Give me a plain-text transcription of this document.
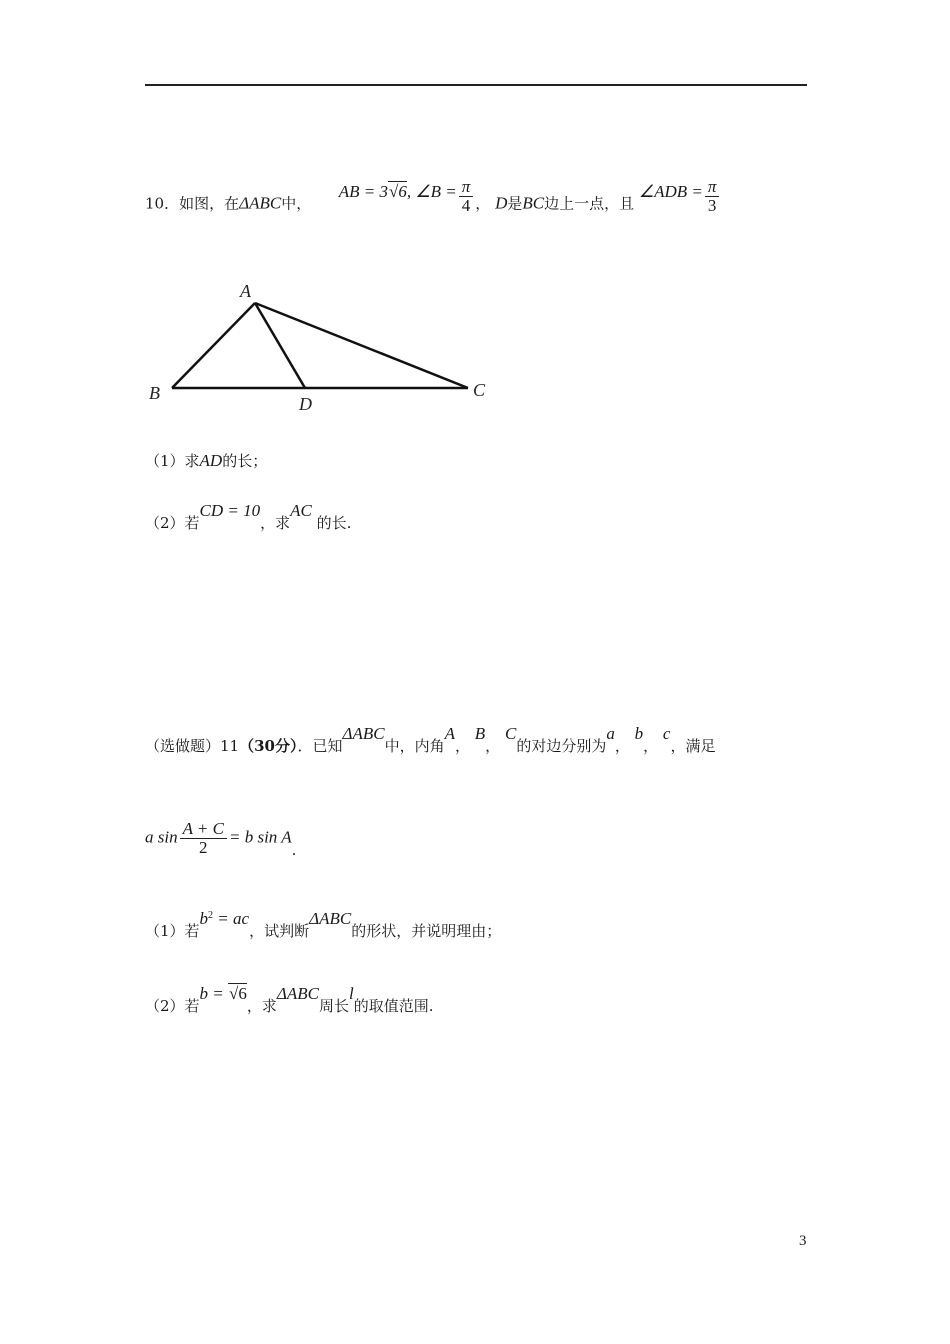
10．如图，在ΔABC中，  AB = 3√6, ∠B = $\frac{\pi}{4}$ ， D是BC边上一点，且 ∠ADB = $\frac{\pi}{3}$
A
B	C
D
（1）求AD的长；
（2）若CD = 10，求AC 的长.
（选做题）11（30分）．已知ΔABC中，内角A， B， C的对边分别为a， b， c，满足
a $\sin \frac{A + C}{2} = b$ sin A.
（1）若$b^2$ = ac，试判断ΔABC的形状，并说明理由；
（2）若b = √6，求ΔABC周长l的取值范围.
3
